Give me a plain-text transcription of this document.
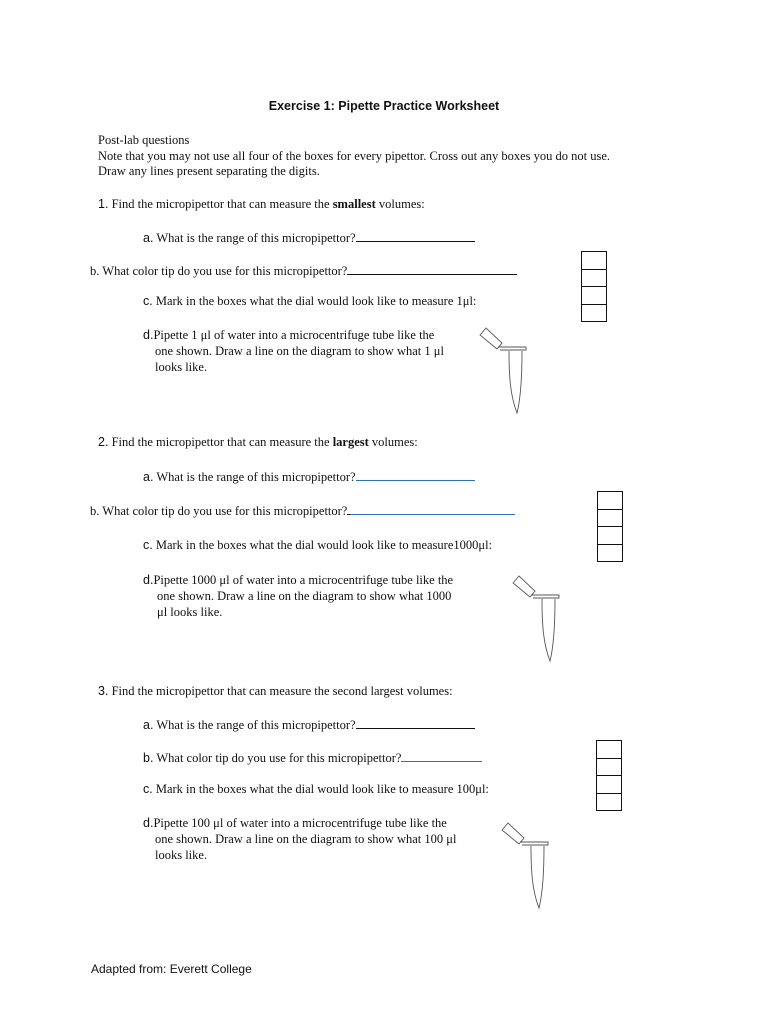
Exercise 1: Pipette Practice Worksheet
Post-lab questions
Note that you may not use all four of the boxes for every pipettor. Cross out any boxes you do not use.
Draw any lines present separating the digits.
1. Find the micropipettor that can measure the smallest volumes:
a. What is the range of this micropipettor?
b. What color tip do you use for this micropipettor?
c. Mark in the boxes what the dial would look like to measure 1μl:
d.Pipette 1 μl of water into a microcentrifuge tube like the
one shown. Draw a line on the diagram to show what 1 μl
looks like.
2. Find the micropipettor that can measure the largest volumes:
a. What is the range of this micropipettor?
b. What color tip do you use for this micropipettor?
c. Mark in the boxes what the dial would look like to measure1000μl:
d.Pipette 1000 μl of water into a microcentrifuge tube like the
one shown. Draw a line on the diagram to show what 1000
μl looks like.
3. Find the micropipettor that can measure the second largest volumes:
a. What is the range of this micropipettor?
b. What color tip do you use for this micropipettor?
c. Mark in the boxes what the dial would look like to measure 100μl:
d.Pipette 100 μl of water into a microcentrifuge tube like the
one shown. Draw a line on the diagram to show what 100 μl
looks like.
Adapted from: Everett College
